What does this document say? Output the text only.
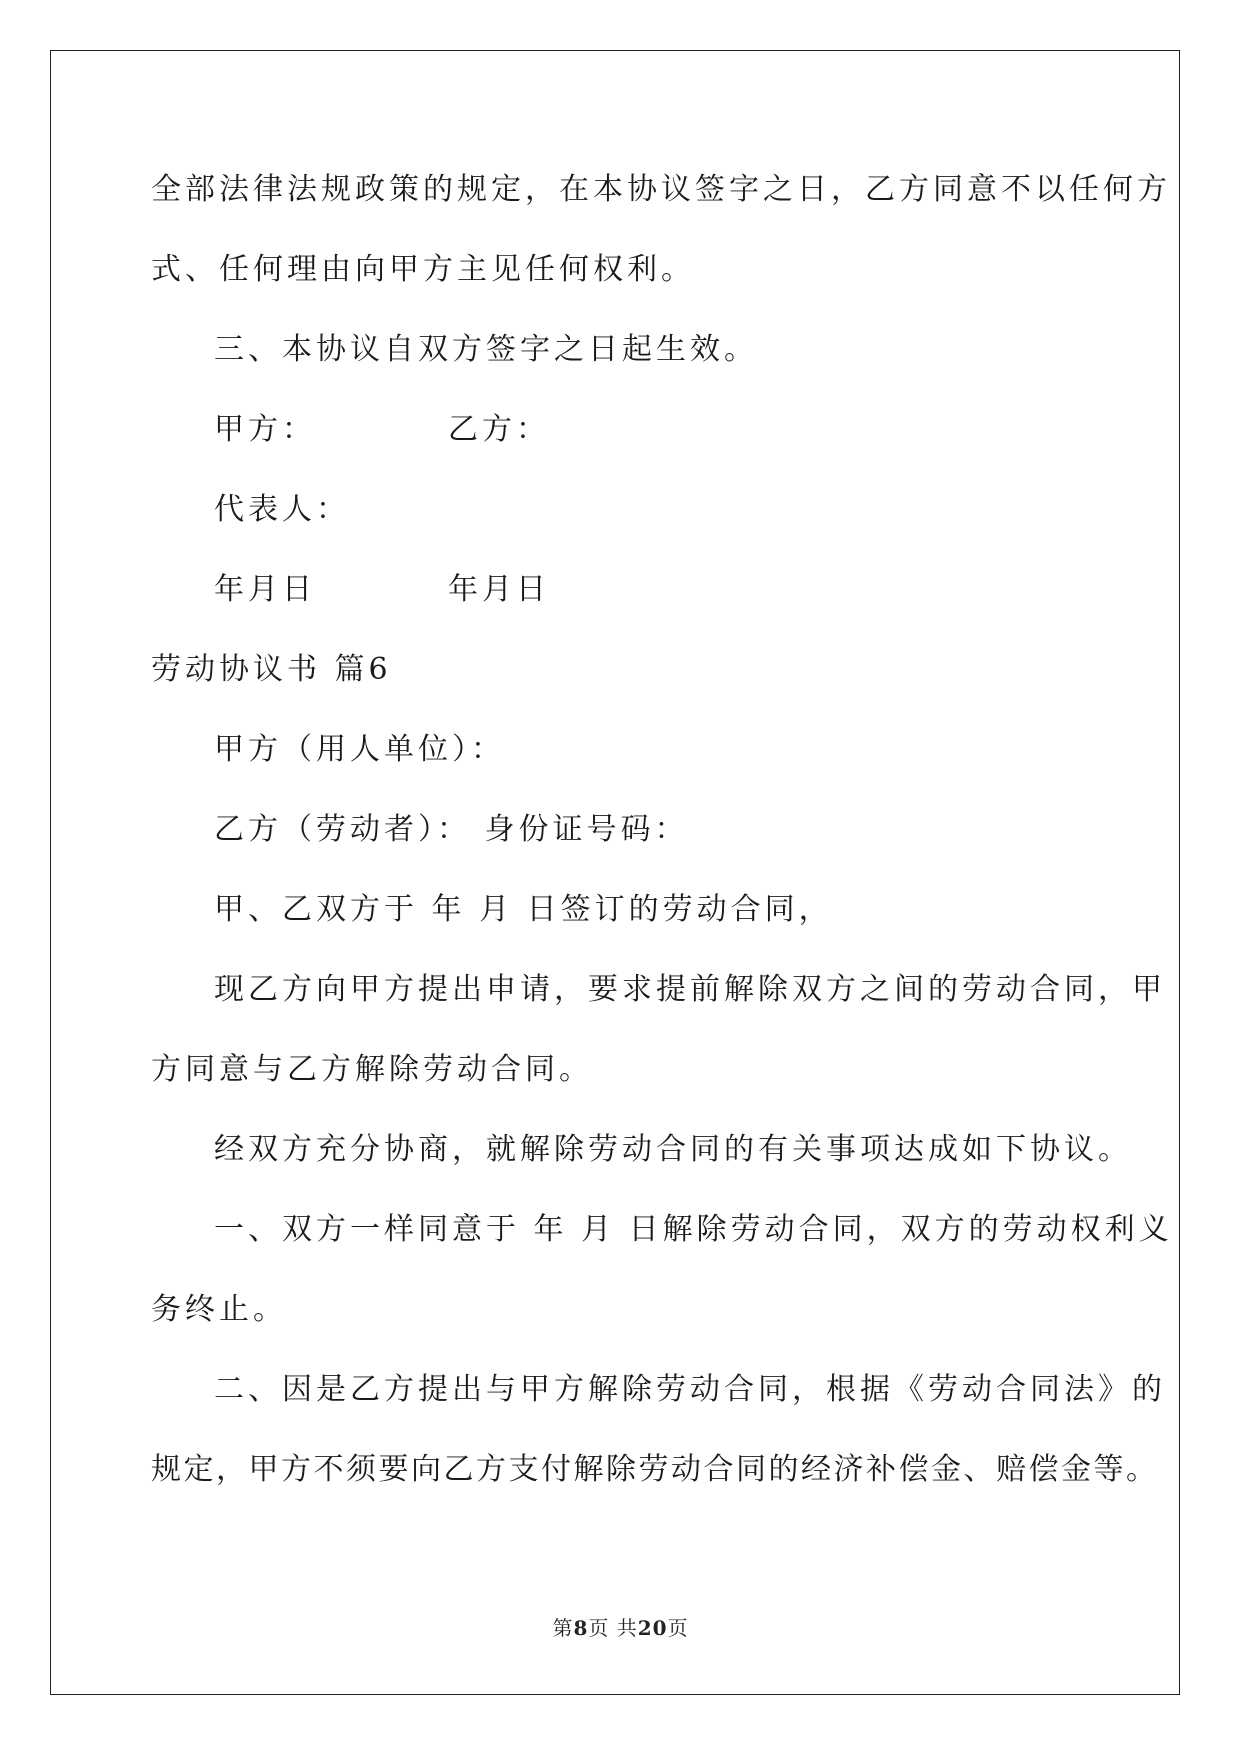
全部法律法规政策的规定，在本协议签字之日，乙方同意不以任何方
式、任何理由向甲方主见任何权利。
三、本协议自双方签字之日起生效。
甲方：	乙方：
代表人：
年月日	年月日
劳动协议书 篇6
甲方（用人单位）：
乙方（劳动者）： 身份证号码：
甲、乙双方于 年 月 日签订的劳动合同，
现乙方向甲方提出申请，要求提前解除双方之间的劳动合同，甲
方同意与乙方解除劳动合同。
经双方充分协商，就解除劳动合同的有关事项达成如下协议。
一、双方一样同意于 年 月 日解除劳动合同，双方的劳动权利义
务终止。
二、因是乙方提出与甲方解除劳动合同，根据《劳动合同法》的
规定，甲方不须要向乙方支付解除劳动合同的经济补偿金、赔偿金等。
第8页 共20页
